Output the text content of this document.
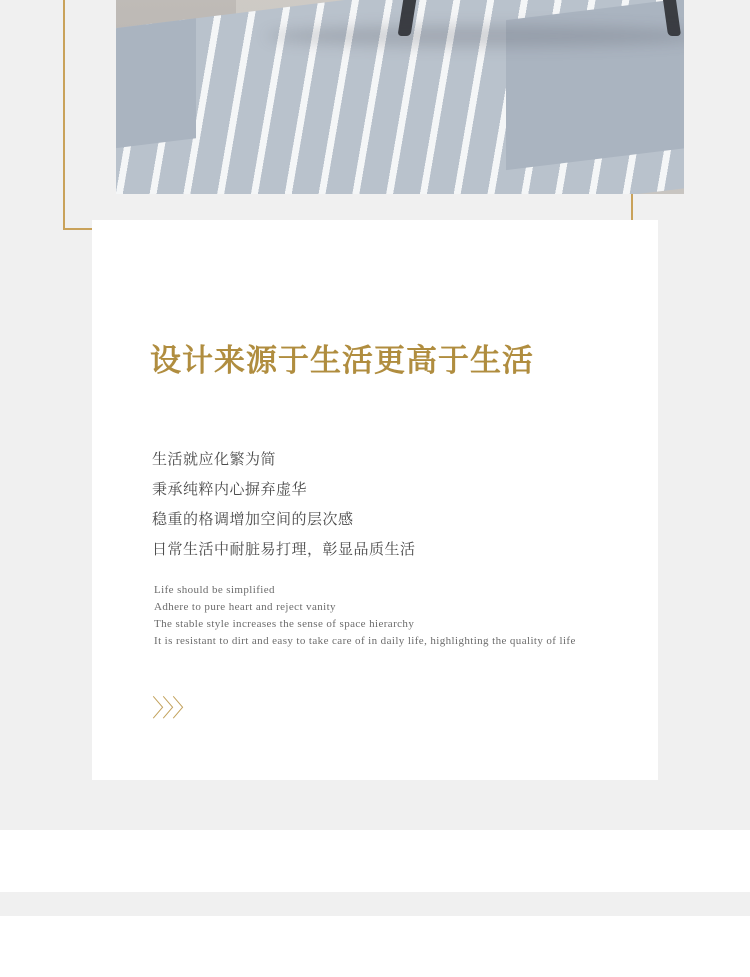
设计来源于生活更高于生活
生活就应化繁为简
秉承纯粹内心摒弃虚华
稳重的格调增加空间的层次感
日常生活中耐脏易打理，彰显品质生活
Life should be simplified
Adhere to pure heart and reject vanity
The stable style increases the sense of space hierarchy
It is resistant to dirt and easy to take care of in daily life, highlighting the quality of life
〉〉〉
